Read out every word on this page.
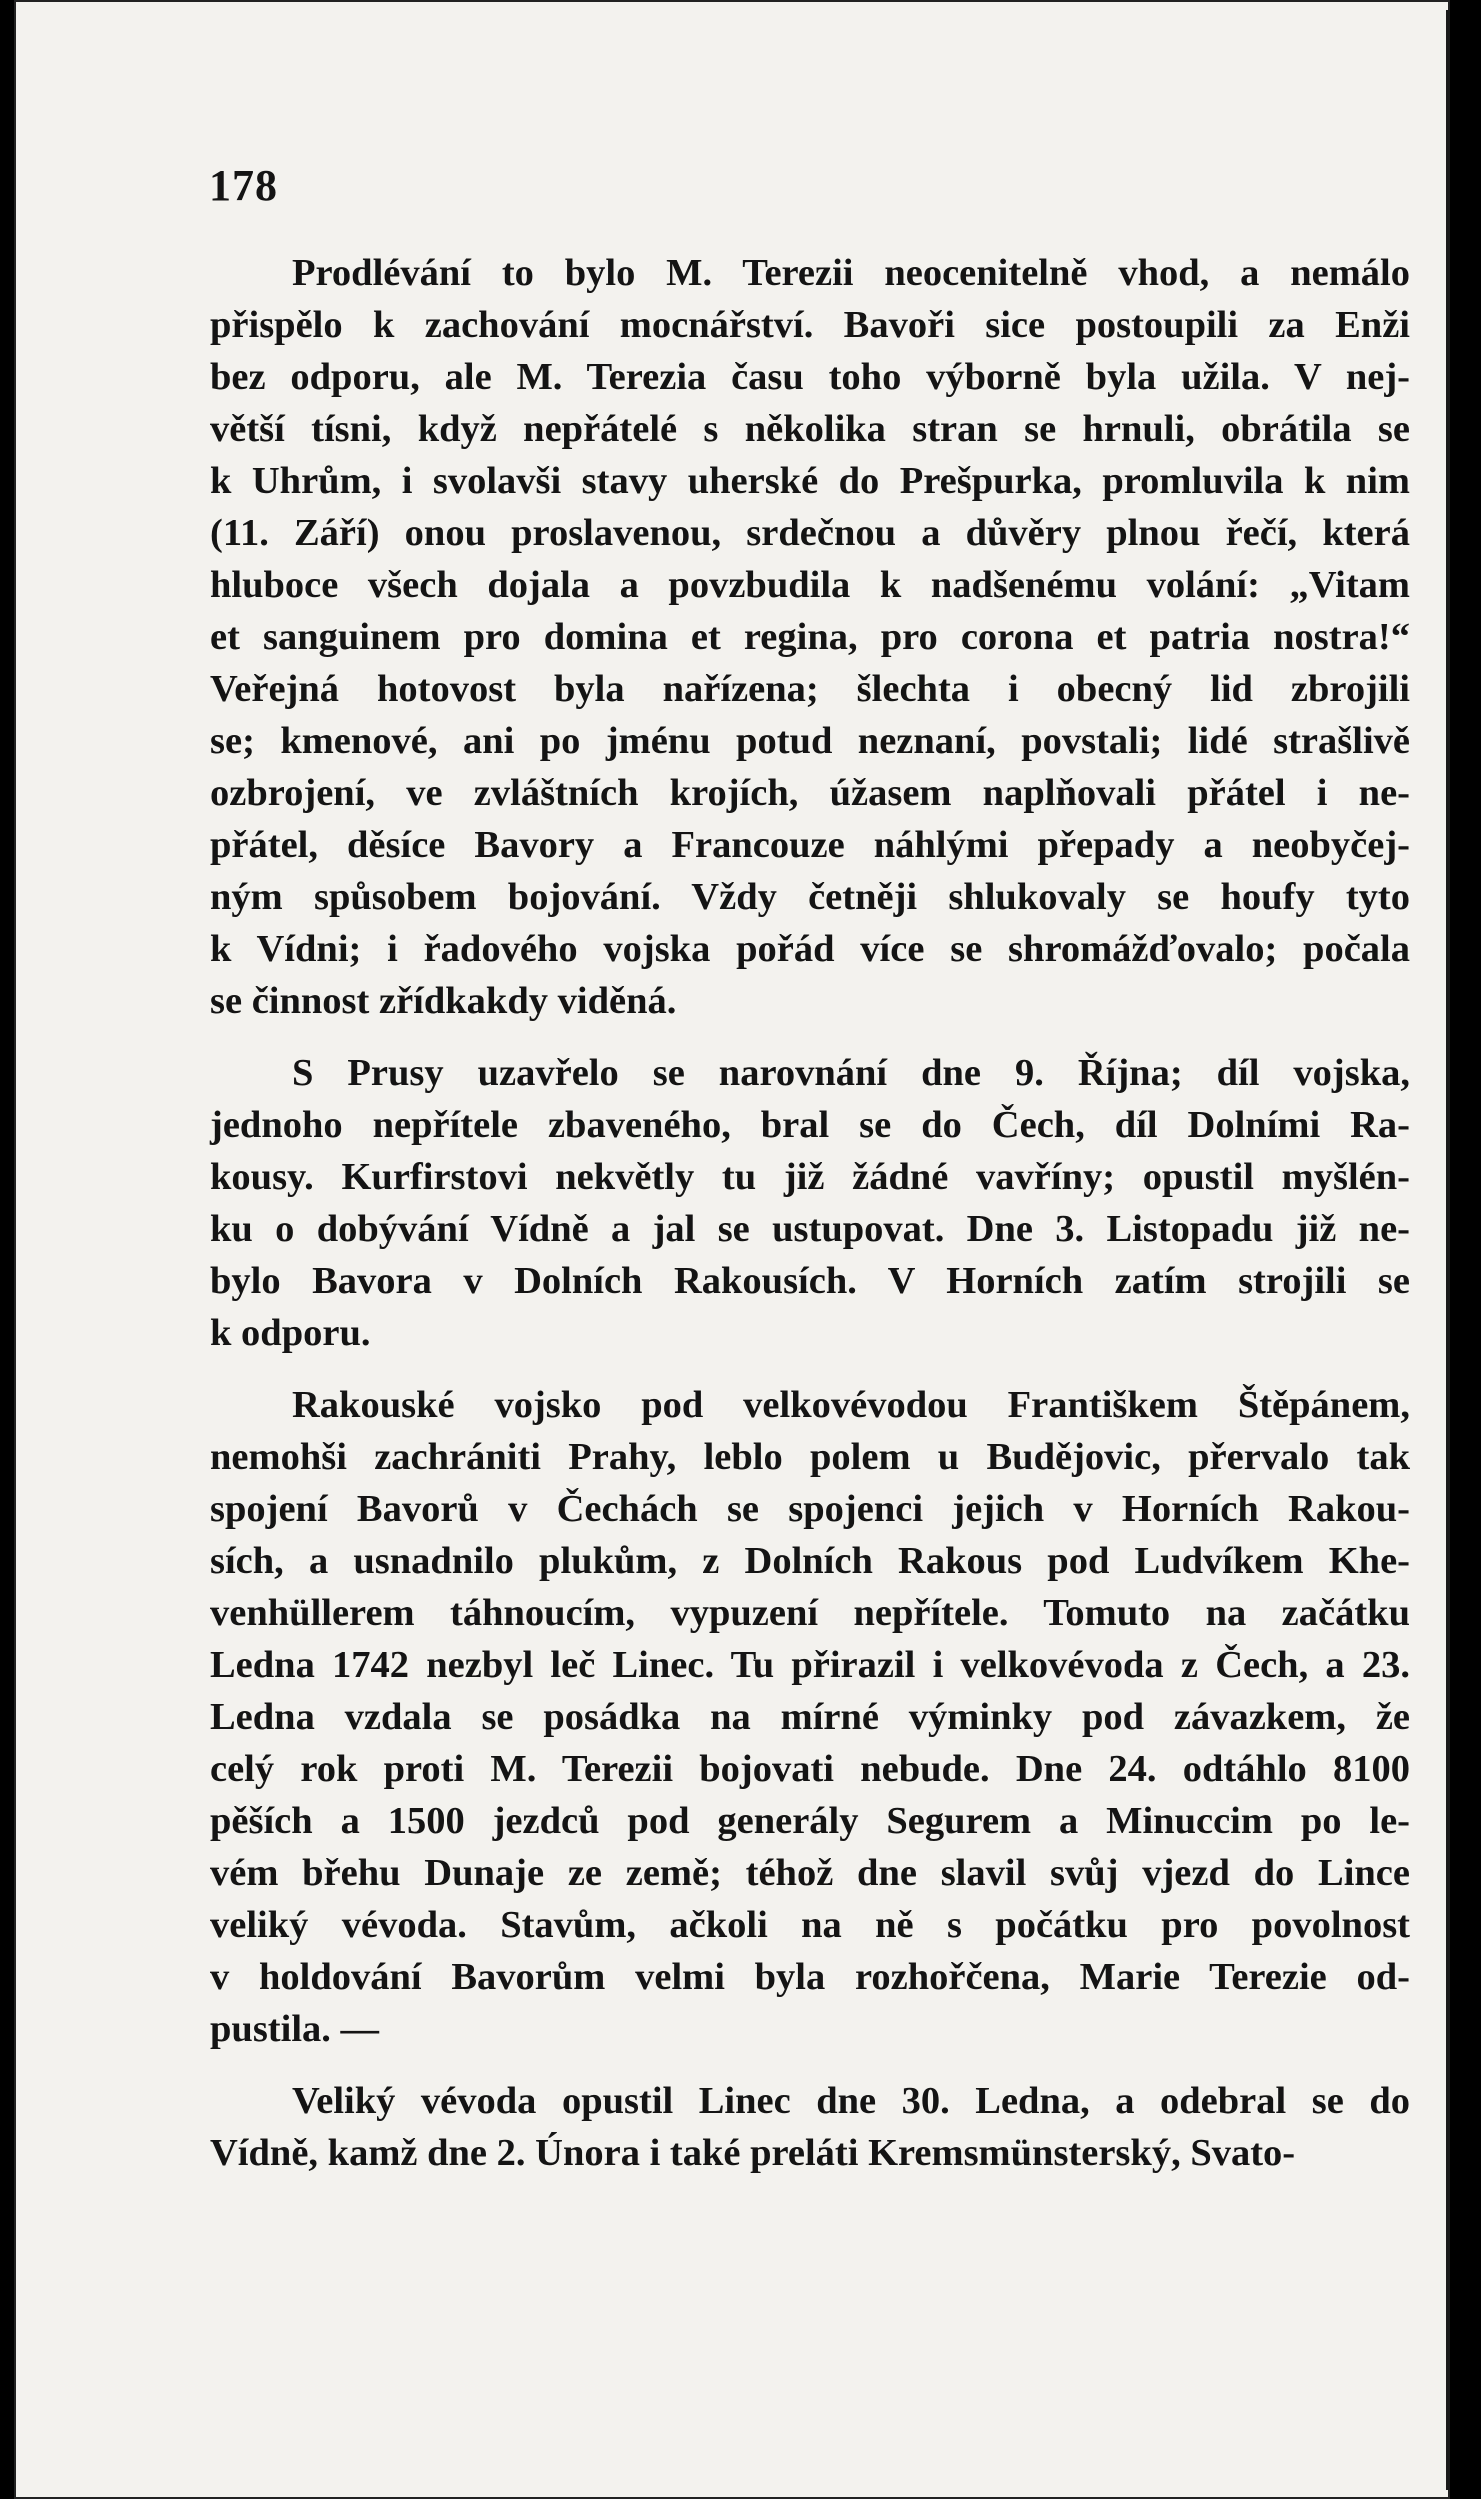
178
Prodlévání to bylo M. Terezii neocenitelně vhod, a nemálo
přispělo k zachování mocnářství. Bavoři sice postoupili za Enži
bez odporu, ale M. Terezia času toho výborně byla užila. V nej-
větší tísni, když nepřátelé s několika stran se hrnuli, obrátila se
k Uhrům, i svolavši stavy uherské do Prešpurka, promluvila k nim
(11. Září) onou proslavenou, srdečnou a důvěry plnou řečí, která
hluboce všech dojala a povzbudila k nadšenému volání: „Vitam
et sanguinem pro domina et regina, pro corona et patria nostra!“
Veřejná hotovost byla nařízena; šlechta i obecný lid zbrojili
se; kmenové, ani po jménu potud neznaní, povstali; lidé strašlivě
ozbrojení, ve zvláštních krojích, úžasem naplňovali přátel i ne-
přátel, děsíce Bavory a Francouze náhlými přepady a neobyčej-
ným spůsobem bojování. Vždy četněji shlukovaly se houfy tyto
k Vídni; i řadového vojska pořád více se shromážďovalo; počala
se činnost zřídkakdy viděná.
S Prusy uzavřelo se narovnání dne 9. Října; díl vojska,
jednoho nepřítele zbaveného, bral se do Čech, díl Dolními Ra-
kousy. Kurfirstovi nekvětly tu již žádné vavříny; opustil myšlén-
ku o dobývání Vídně a jal se ustupovat. Dne 3. Listopadu již ne-
bylo Bavora v Dolních Rakousích. V Horních zatím strojili se
k odporu.
Rakouské vojsko pod velkovévodou Františkem Štěpánem,
nemohši zachrániti Prahy, leblo polem u Budějovic, přervalo tak
spojení Bavorů v Čechách se spojenci jejich v Horních Rakou-
sích, a usnadnilo plukům, z Dolních Rakous pod Ludvíkem Khe-
venhüllerem táhnoucím, vypuzení nepřítele. Tomuto na začátku
Ledna 1742 nezbyl leč Linec. Tu přirazil i velkovévoda z Čech, a 23.
Ledna vzdala se posádka na mírné výminky pod závazkem, že
celý rok proti M. Terezii bojovati nebude. Dne 24. odtáhlo 8100
pěších a 1500 jezdců pod generály Segurem a Minuccim po le-
vém břehu Dunaje ze země; téhož dne slavil svůj vjezd do Lince
veliký vévoda. Stavům, ačkoli na ně s počátku pro povolnost
v holdování Bavorům velmi byla rozhořčena, Marie Terezie od-
pustila. —
Veliký vévoda opustil Linec dne 30. Ledna, a odebral se do
Vídně, kamž dne 2. Února i také preláti Kremsmünsterský, Svato-
